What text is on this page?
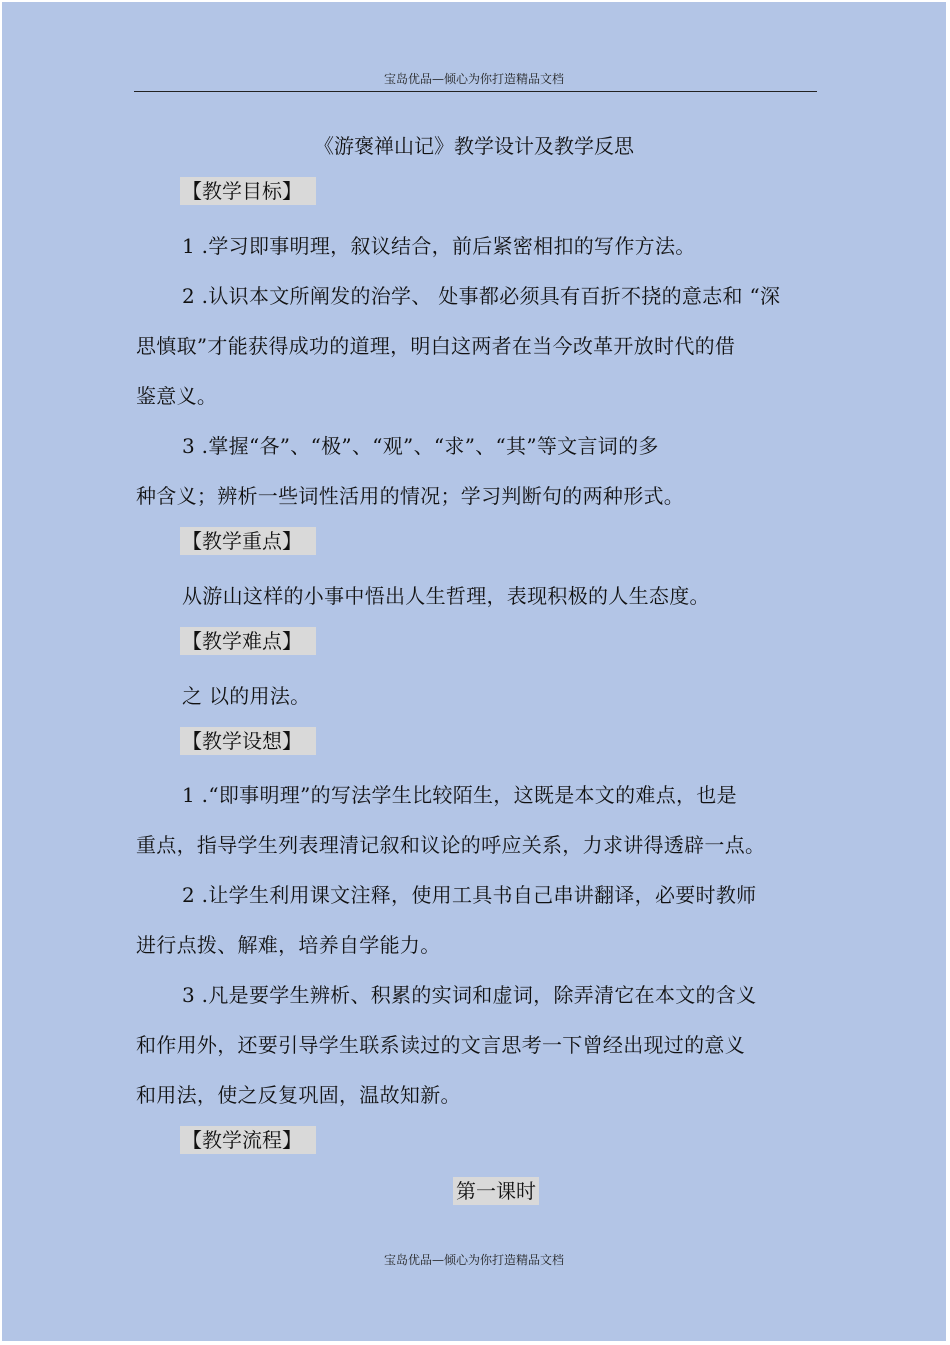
宝岛优品—倾心为你打造精品文档
《游褒禅山记》教学设计及教学反思
【教学目标】
1 .学习即事明理，叙议结合，前后紧密相扣的写作方法。
2 .认识本文所阐发的治学、 处事都必须具有百折不挠的意志和 “深
思慎取”才能获得成功的道理，明白这两者在当今改革开放时代的借
鉴意义。
3 .掌握“各”、“极”、“观”、“求”、“其”等文言词的多
种含义；辨析一些词性活用的情况；学习判断句的两种形式。
【教学重点】
从游山这样的小事中悟出人生哲理，表现积极的人生态度。
【教学难点】
之 以的用法。
【教学设想】
1 .“即事明理”的写法学生比较陌生，这既是本文的难点，也是
重点，指导学生列表理清记叙和议论的呼应关系，力求讲得透辟一点。
2 .让学生利用课文注释，使用工具书自己串讲翻译，必要时教师
进行点拨、解难，培养自学能力。
3 .凡是要学生辨析、积累的实词和虚词，除弄清它在本文的含义
和作用外，还要引导学生联系读过的文言思考一下曾经出现过的意义
和用法，使之反复巩固，温故知新。
【教学流程】
第一课时
宝岛优品—倾心为你打造精品文档
